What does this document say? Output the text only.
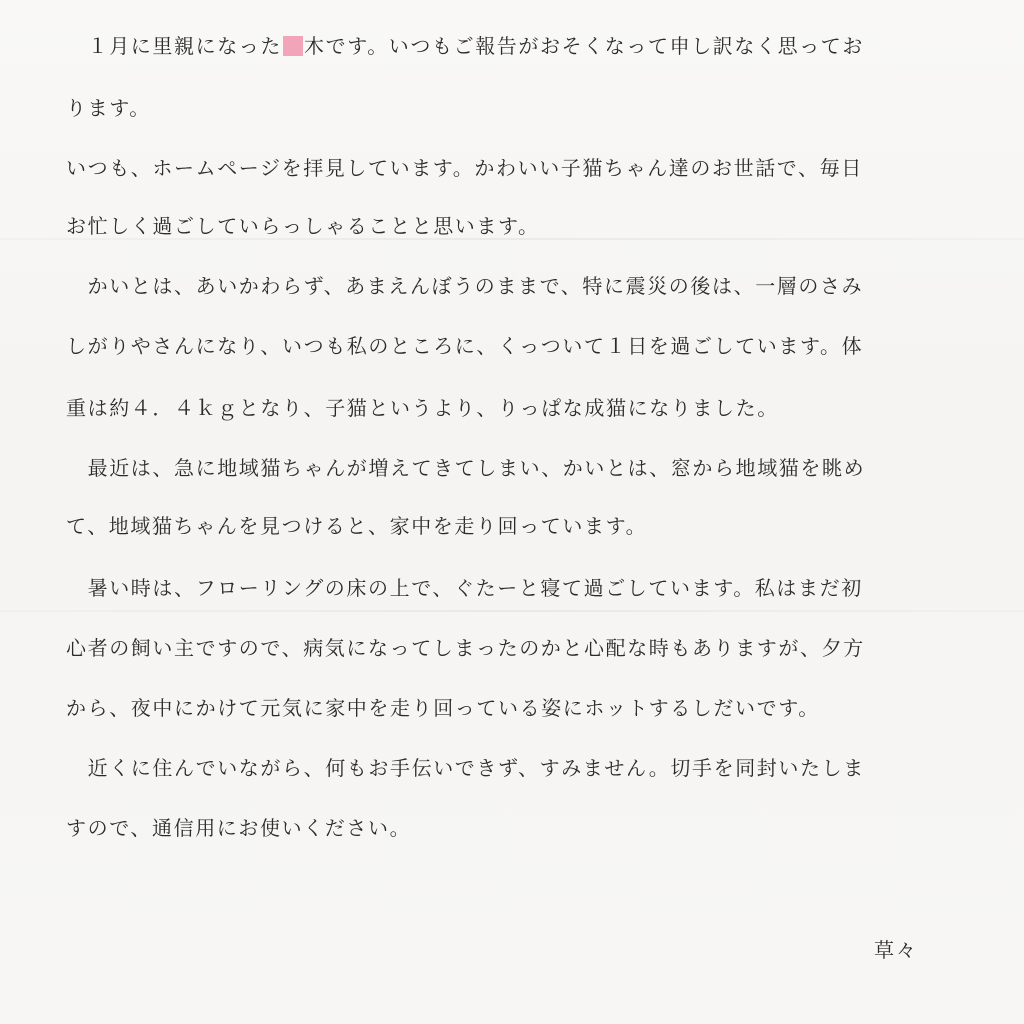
　１月に里親になった 木です。いつもご報告がおそくなって申し訳なく思ってお
ります。
いつも、ホームページを拝見しています。かわいい子猫ちゃん達のお世話で、毎日
お忙しく過ごしていらっしゃることと思います。
　かいとは、あいかわらず、あまえんぼうのままで、特に震災の後は、一層のさみ
しがりやさんになり、いつも私のところに、くっついて１日を過ごしています。体
重は約４．４ｋｇとなり、子猫というより、りっぱな成猫になりました。
　最近は、急に地域猫ちゃんが増えてきてしまい、かいとは、窓から地域猫を眺め
て、地域猫ちゃんを見つけると、家中を走り回っています。
　暑い時は、フローリングの床の上で、ぐたーと寝て過ごしています。私はまだ初
心者の飼い主ですので、病気になってしまったのかと心配な時もありますが、夕方
から、夜中にかけて元気に家中を走り回っている姿にホットするしだいです。
　近くに住んでいながら、何もお手伝いできず、すみません。切手を同封いたしま
すので、通信用にお使いください。
草々
